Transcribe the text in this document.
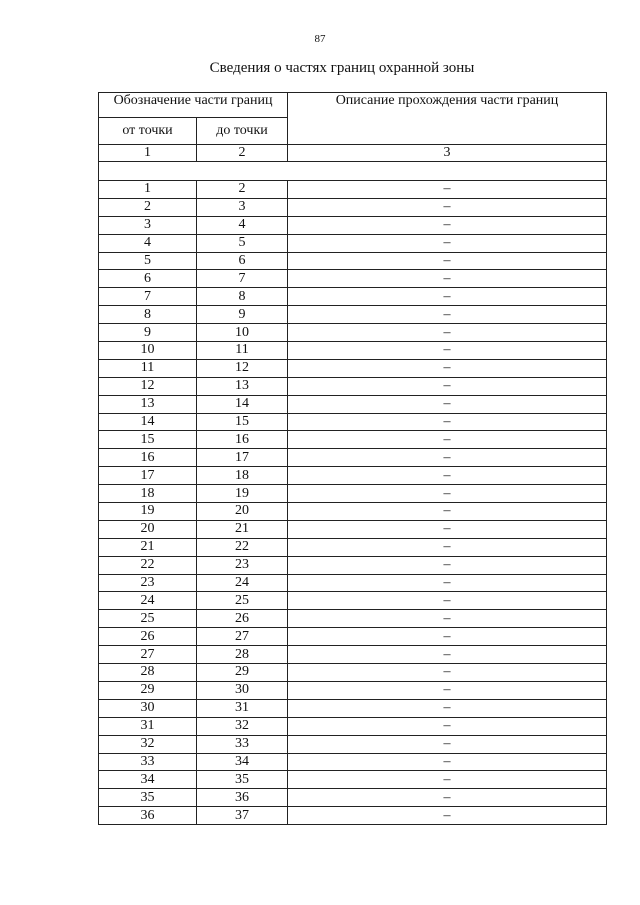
87
Сведения о частях границ охранной зоны
Обозначение части границ		Описание прохождения части границ
от точки	до точки	
1	2	3

1	2	–
2	3	–
3	4	–
4	5	–
5	6	–
6	7	–
7	8	–
8	9	–
9	10	–
10	11	–
11	12	–
12	13	–
13	14	–
14	15	–
15	16	–
16	17	–
17	18	–
18	19	–
19	20	–
20	21	–
21	22	–
22	23	–
23	24	–
24	25	–
25	26	–
26	27	–
27	28	–
28	29	–
29	30	–
30	31	–
31	32	–
32	33	–
33	34	–
34	35	–
35	36	–
36	37	–
